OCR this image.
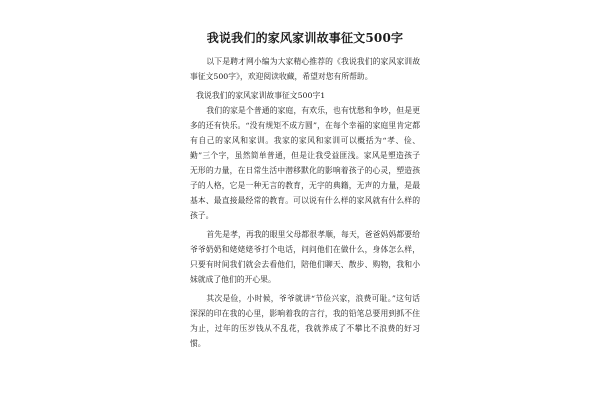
我说我们的家风家训故事征文500字

以下是聘才网小编为大家精心推荐的《我说我们的家风家训故事征文500字》，欢迎阅读收藏，希望对您有所帮助。

我说我们的家风家训故事征文500字1

我们的家是个普通的家庭，有欢乐，也有忧愁和争吵，但是更多的还有快乐。“没有规矩不成方圆”，在每个幸福的家庭里肯定都有自己的家风和家训。我家的家风和家训可以概括为“孝、俭、勤”三个字，虽然简单普通，但是让我受益匪浅。家风是塑造孩子无形的力量，在日常生活中潜移默化的影响着孩子的心灵，塑造孩子的人格，它是一种无言的教育，无字的典籍，无声的力量，是最基本、最直接最经常的教育。可以说有什么样的家风就有什么样的孩子。

首先是孝，再我的眼里父母都很孝顺，每天，爸爸妈妈都要给爷爷奶奶和姥姥姥爷打个电话，问问他们在做什么，身体怎么样，只要有时间我们就会去看他们，陪他们聊天、散步、购物，我和小妹就成了他们的开心果。

其次是俭，小时候，爷爷就讲“节俭兴家，浪费可耻。”这句话深深的印在我的心里，影响着我的言行，我的铅笔总要用到抓不住为止，过年的压岁钱从不乱花，我就养成了不攀比不浪费的好习惯。
